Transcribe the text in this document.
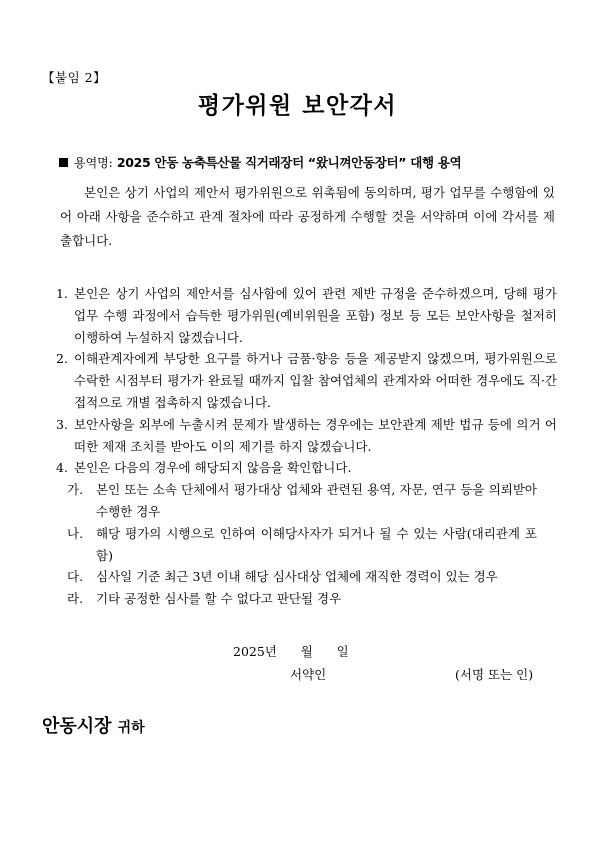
【붙임 2】
평가위원 보안각서
용역명: 2025 안동 농축특산물 직거래장터 “왔니껴안동장터” 대행 용역

본인은 상기 사업의 제안서 평가위원으로 위촉됨에 동의하며, 평가 업무를 수행함에 있어 아래 사항을 준수하고 관계 절차에 따라 공정하게 수행할 것을 서약하며 이에 각서를 제출합니다.

1. 본인은 상기 사업의 제안서를 심사함에 있어 관련 제반 규정을 준수하겠으며, 당해 평가 업무 수행 과정에서 습득한 평가위원(예비위원을 포함) 정보 등 모든 보안사항을 철저히 이행하여 누설하지 않겠습니다.
2. 이해관계자에게 부당한 요구를 하거나 금품·향응 등을 제공받지 않겠으며, 평가위원으로 수락한 시점부터 평가가 완료될 때까지 입찰 참여업체의 관계자와 어떠한 경우에도 직·간접적으로 개별 접촉하지 않겠습니다.
3. 보안사항을 외부에 누출시켜 문제가 발생하는 경우에는 보안관계 제반 법규 등에 의거 어떠한 제재 조치를 받아도 이의 제기를 하지 않겠습니다.
4. 본인은 다음의 경우에 해당되지 않음을 확인합니다.
가. 본인 또는 소속 단체에서 평가대상 업체와 관련된 용역, 자문, 연구 등을 의뢰받아 수행한 경우
나. 해당 평가의 시행으로 인하여 이해당사자가 되거나 될 수 있는 사람(대리관계 포함)
다. 심사일 기준 최근 3년 이내 해당 심사대상 업체에 재직한 경력이 있는 경우
라. 기타 공정한 심사를 할 수 없다고 판단될 경우
2025년      월      일
서약인	(서명 또는 인)
안동시장 귀하
